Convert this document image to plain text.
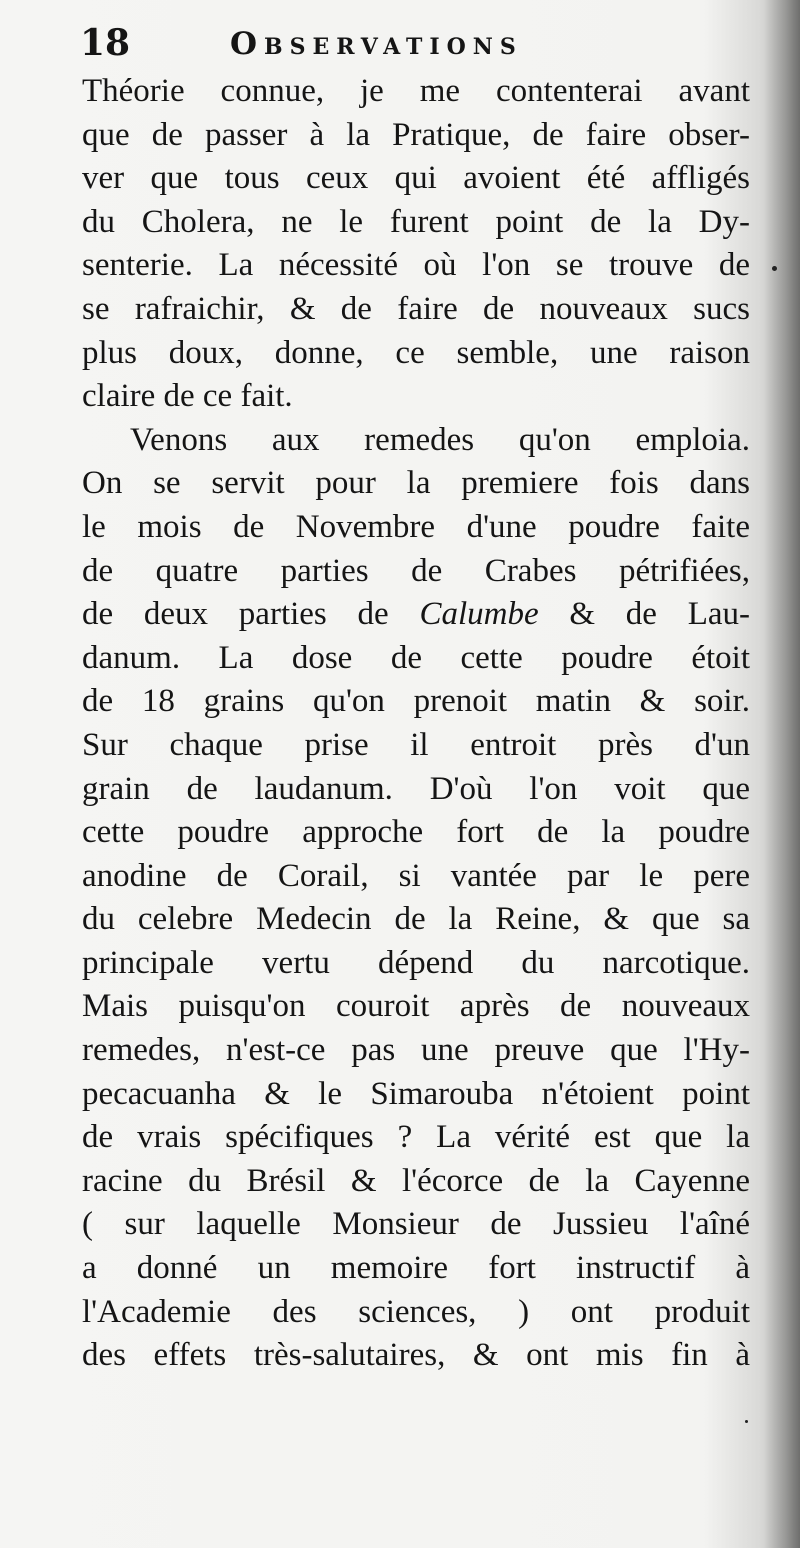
18	Observations
Théorie connue, je me contenterai avant
que de passer à la Pratique, de faire obser-
ver que tous ceux qui avoient été affligés
du Cholera, ne le furent point de la Dy-
senterie. La nécessité où l'on se trouve de
se rafraichir, & de faire de nouveaux sucs
plus doux, donne, ce semble, une raison
claire de ce fait.
Venons aux remedes qu'on emploia.
On se servit pour la premiere fois dans
le mois de Novembre d'une poudre faite
de quatre parties de Crabes pétrifiées,
de deux parties de Calumbe & de Lau-
danum. La dose de cette poudre étoit
de 18 grains qu'on prenoit matin & soir.
Sur chaque prise il entroit près d'un
grain de laudanum. D'où l'on voit que
cette poudre approche fort de la poudre
anodine de Corail, si vantée par le pere
du celebre Medecin de la Reine, & que sa
principale vertu dépend du narcotique.
Mais puisqu'on couroit après de nouveaux
remedes, n'est-ce pas une preuve que l'Hy-
pecacuanha & le Simarouba n'étoient point
de vrais spécifiques ? La vérité est que la
racine du Brésil & l'écorce de la Cayenne
( sur laquelle Monsieur de Jussieu l'aîné
a donné un memoire fort instructif à
l'Academie des sciences, ) ont produit
des effets très-salutaires, & ont mis fin à
